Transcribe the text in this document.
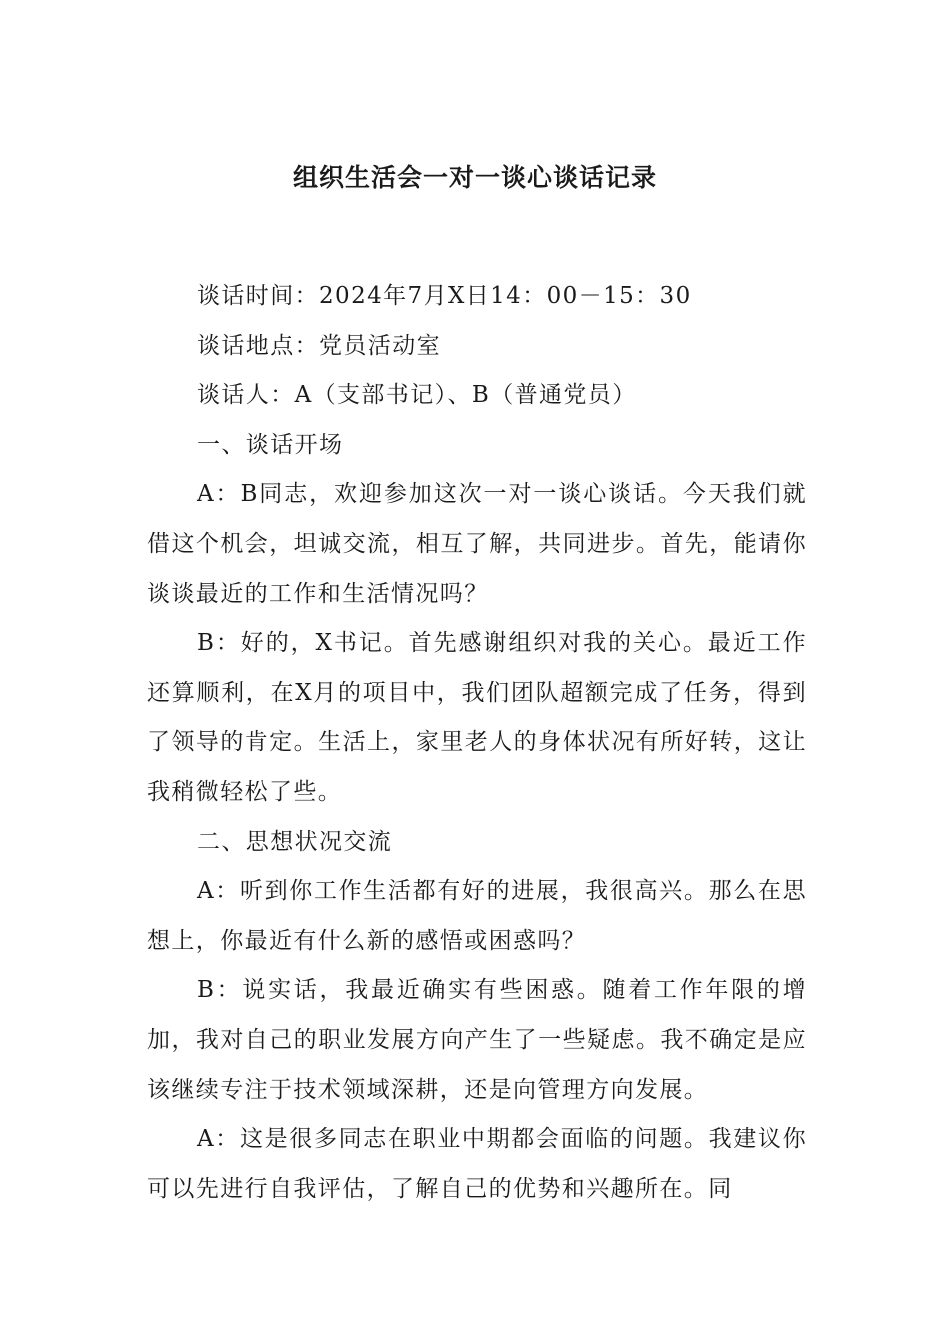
组织生活会一对一谈心谈话记录

谈话时间：2024年7月X日14：00－15：30

谈话地点：党员活动室

谈话人：A（支部书记）、B（普通党员）

一、谈话开场

A：B同志，欢迎参加这次一对一谈心谈话。今天我们就借这个机会，坦诚交流，相互了解，共同进步。首先，能请你谈谈最近的工作和生活情况吗？

B：好的，X书记。首先感谢组织对我的关心。最近工作还算顺利，在X月的项目中，我们团队超额完成了任务，得到了领导的肯定。生活上，家里老人的身体状况有所好转，这让我稍微轻松了些。

二、思想状况交流

A：听到你工作生活都有好的进展，我很高兴。那么在思想上，你最近有什么新的感悟或困惑吗？

B：说实话，我最近确实有些困惑。随着工作年限的增加，我对自己的职业发展方向产生了一些疑虑。我不确定是应该继续专注于技术领域深耕，还是向管理方向发展。

A：这是很多同志在职业中期都会面临的问题。我建议你可以先进行自我评估，了解自己的优势和兴趣所在。同
